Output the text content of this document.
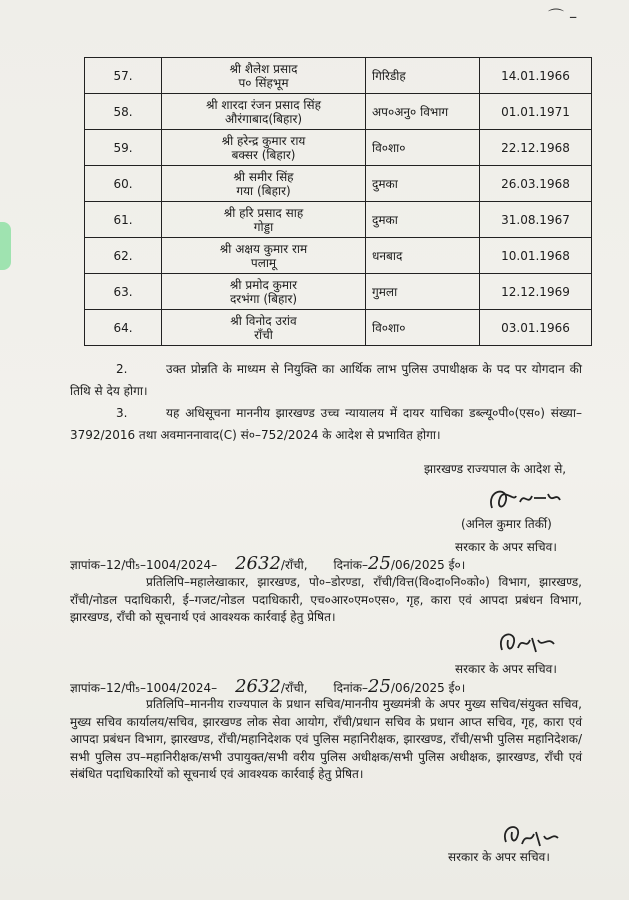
⌒ –
57.	श्री शैलेश प्रसाद
प० सिंहभूम	गिरिडीह	14.01.1966
58.	श्री शारदा रंजन प्रसाद सिंह
औरंगाबाद(बिहार)	अप०अनु० विभाग	01.01.1971
59.	श्री हरेन्द्र कुमार राय
बक्सर (बिहार)	वि०शा०	22.12.1968
60.	श्री समीर सिंह
गया (बिहार)	दुमका	26.03.1968
61.	श्री हरि प्रसाद साह
गोड्डा	दुमका	31.08.1967
62.	श्री अक्षय कुमार राम
पलामू	धनबाद	10.01.1968
63.	श्री प्रमोद कुमार
दरभंगा (बिहार)	गुमला	12.12.1969
64.	श्री विनोद उरांव
राँची	वि०शा०	03.01.1966
2.	उक्त प्रोन्नति के माध्यम से नियुक्ति का आर्थिक लाभ पुलिस उपाधीक्षक के पद पर योगदान की तिथि से देय होगा।
3.	यह अधिसूचना माननीय झारखण्ड उच्च न्यायालय में दायर याचिका डब्ल्यू०पी०(एस०) संख्या–3792/2016 तथा अवमाननावाद(C) सं०–752/2024 के आदेश से प्रभावित होगा।
झारखण्ड राज्यपाल के आदेश से,
(अनिल कुमार तिर्की)
सरकार के अपर सचिव।
ज्ञापांक–12/पी₅–1004/2024– 2632/राँची, दिनांक–25/06/2025 ई०।
प्रतिलिपि–महालेखाकार, झारखण्ड, पो०–डोरण्डा, राँची/वित्त(वि०दा०नि०को०) विभाग, झारखण्ड, राँची/नोडल पदाधिकारी, ई–गजट/नोडल पदाधिकारी, एच०आर०एम०एस०, गृह, कारा एवं आपदा प्रबंधन विभाग, झारखण्ड, राँची को सूचनार्थ एवं आवश्यक कार्रवाई हेतु प्रेषित।
सरकार के अपर सचिव।
ज्ञापांक–12/पी₅–1004/2024– 2632/राँची, दिनांक–25/06/2025 ई०।
प्रतिलिपि–माननीय राज्यपाल के प्रधान सचिव/माननीय मुख्यमंत्री के अपर मुख्य सचिव/संयुक्त सचिव, मुख्य सचिव कार्यालय/सचिव, झारखण्ड लोक सेवा आयोग, राँची/प्रधान सचिव के प्रधान आप्त सचिव, गृह, कारा एवं आपदा प्रबंधन विभाग, झारखण्ड, राँची/महानिदेशक एवं पुलिस महानिरीक्षक, झारखण्ड, राँची/सभी पुलिस महानिदेशक/सभी पुलिस उप–महानिरीक्षक/सभी उपायुक्त/सभी वरीय पुलिस अधीक्षक/सभी पुलिस अधीक्षक, झारखण्ड, राँची एवं संबंधित पदाधिकारियों को सूचनार्थ एवं आवश्यक कार्रवाई हेतु प्रेषित।
सरकार के अपर सचिव।
